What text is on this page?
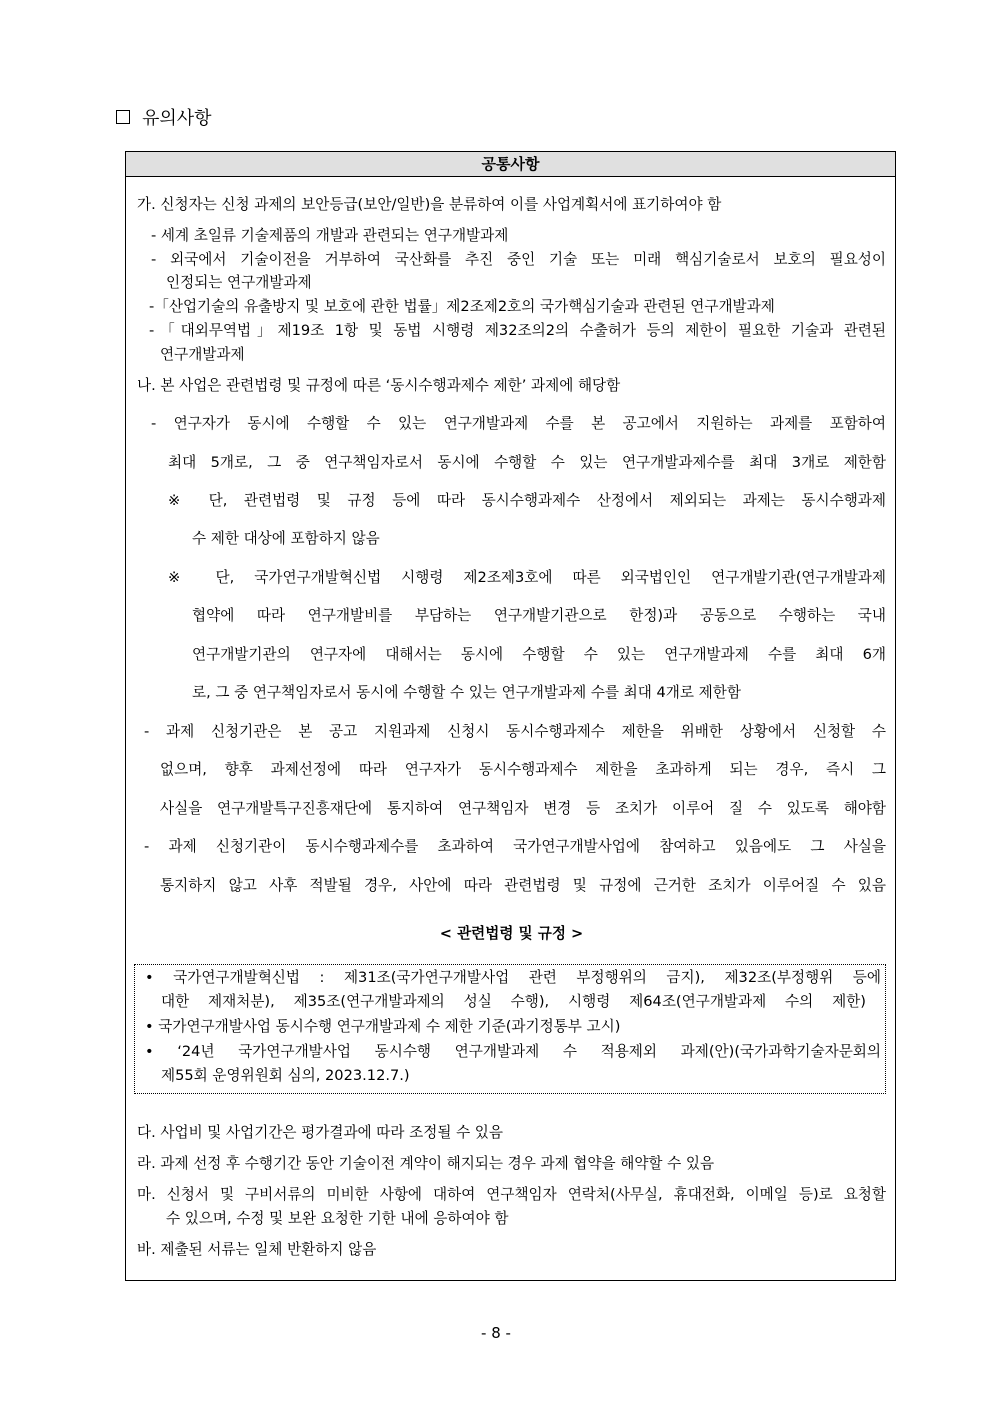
유의사항
공통사항
가. 신청자는 신청 과제의 보안등급(보안/일반)을 분류하여 이를 사업계획서에 표기하여야 함
- 세계 초일류 기술제품의 개발과 관련되는 연구개발과제
- 외국에서 기술이전을 거부하여 국산화를 추진 중인 기술 또는 미래 핵심기술로서 보호의 필요성이
인정되는 연구개발과제
-「산업기술의 유출방지 및 보호에 관한 법률」제2조제2호의 국가핵심기술과 관련된 연구개발과제
-「대외무역법」제19조 1항 및 동법 시행령 제32조의2의 수출허가 등의 제한이 필요한 기술과 관련된
연구개발과제
나. 본 사업은 관련법령 및 규정에 따른 ‘동시수행과제수 제한’ 과제에 해당함
- 연구자가 동시에 수행할 수 있는 연구개발과제 수를 본 공고에서 지원하는 과제를 포함하여
최대 5개로, 그 중 연구책임자로서 동시에 수행할 수 있는 연구개발과제수를 최대 3개로 제한함
※ 단, 관련법령 및 규정 등에 따라 동시수행과제수 산정에서 제외되는 과제는 동시수행과제
수 제한 대상에 포함하지 않음
※ 단, 국가연구개발혁신법 시행령 제2조제3호에 따른 외국법인인 연구개발기관(연구개발과제
협약에 따라 연구개발비를 부담하는 연구개발기관으로 한정)과 공동으로 수행하는 국내
연구개발기관의 연구자에 대해서는 동시에 수행할 수 있는 연구개발과제 수를 최대 6개
로, 그 중 연구책임자로서 동시에 수행할 수 있는 연구개발과제 수를 최대 4개로 제한함
- 과제 신청기관은 본 공고 지원과제 신청시 동시수행과제수 제한을 위배한 상황에서 신청할 수
없으며, 향후 과제선정에 따라 연구자가 동시수행과제수 제한을 초과하게 되는 경우, 즉시 그
사실을 연구개발특구진흥재단에 통지하여 연구책임자 변경 등 조치가 이루어 질 수 있도록 해야함
- 과제 신청기관이 동시수행과제수를 초과하여 국가연구개발사업에 참여하고 있음에도 그 사실을
통지하지 않고 사후 적발될 경우, 사안에 따라 관련법령 및 규정에 근거한 조치가 이루어질 수 있음
< 관련법령 및 규정 >
다. 사업비 및 사업기간은 평가결과에 따라 조정될 수 있음
라. 과제 선정 후 수행기간 동안 기술이전 계약이 해지되는 경우 과제 협약을 해약할 수 있음
마. 신청서 및 구비서류의 미비한 사항에 대하여 연구책임자 연락처(사무실, 휴대전화, 이메일 등)로 요청할
수 있으며, 수정 및 보완 요청한 기한 내에 응하여야 함
바. 제출된 서류는 일체 반환하지 않음
• 국가연구개발혁신법 : 제31조(국가연구개발사업 관련 부정행위의 금지), 제32조(부정행위 등에
대한 제재처분), 제35조(연구개발과제의 성실 수행), 시행령 제64조(연구개발과제 수의 제한)
• 국가연구개발사업 동시수행 연구개발과제 수 제한 기준(과기정통부 고시)
• ‘24년 국가연구개발사업 동시수행 연구개발과제 수 적용제외 과제(안)(국가과학기술자문회의
제55회 운영위원회 심의, 2023.12.7.)
- 8 -
